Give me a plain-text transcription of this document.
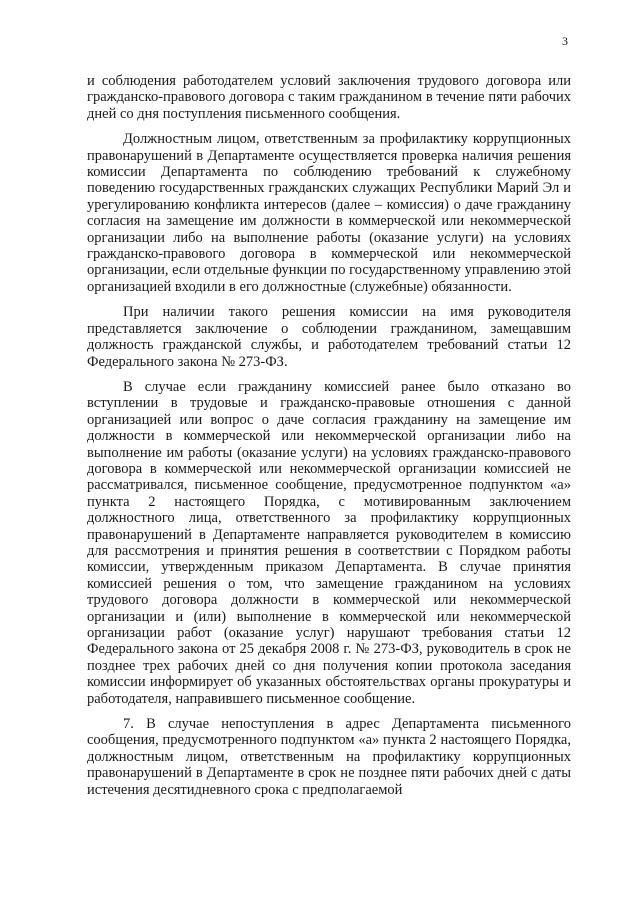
3

и соблюдения работодателем условий заключения трудового договора или гражданско-правового договора с таким гражданином в течение пяти рабочих дней со дня поступления письменного сообщения.

Должностным лицом, ответственным за профилактику коррупционных правонарушений в Департаменте осуществляется проверка наличия решения комиссии Департамента по соблюдению требований к служебному поведению государственных гражданских служащих Республики Марий Эл и урегулированию конфликта интересов (далее – комиссия) о даче гражданину согласия на замещение им должности в коммерческой или некоммерческой организации либо на выполнение работы (оказание услуги) на условиях гражданско-правового договора в коммерческой или некоммерческой организации, если отдельные функции по государственному управлению этой организацией входили в его должностные (служебные) обязанности.

При наличии такого решения комиссии на имя руководителя представляется заключение о соблюдении гражданином, замещавшим должность гражданской службы, и работодателем требований статьи 12 Федерального закона № 273-ФЗ.

В случае если гражданину комиссией ранее было отказано во вступлении в трудовые и гражданско-правовые отношения с данной организацией или вопрос о даче согласия гражданину на замещение им должности в коммерческой или некоммерческой организации либо на выполнение им работы (оказание услуги) на условиях гражданско-правового договора в коммерческой или некоммерческой организации комиссией не рассматривался, письменное сообщение, предусмотренное подпунктом «а» пункта 2 настоящего Порядка, с мотивированным заключением должностного лица, ответственного за профилактику коррупционных правонарушений в Департаменте направляется руководителем в комиссию для рассмотрения и принятия решения в соответствии с Порядком работы комиссии, утвержденным приказом Департамента. В случае принятия комиссией решения о том, что замещение гражданином на условиях трудового договора должности в коммерческой или некоммерческой организации и (или) выполнение в коммерческой или некоммерческой организации работ (оказание услуг) нарушают требования статьи 12 Федерального закона от 25 декабря 2008 г. № 273-ФЗ, руководитель в срок не позднее трех рабочих дней со дня получения копии протокола заседания комиссии информирует об указанных обстоятельствах органы прокуратуры и работодателя, направившего письменное сообщение.

7. В случае непоступления в адрес Департамента письменного сообщения, предусмотренного подпунктом «а» пункта 2 настоящего Порядка, должностным лицом, ответственным на профилактику коррупционных правонарушений в Департаменте в срок не позднее пяти рабочих дней с даты истечения десятидневного срока с предполагаемой
